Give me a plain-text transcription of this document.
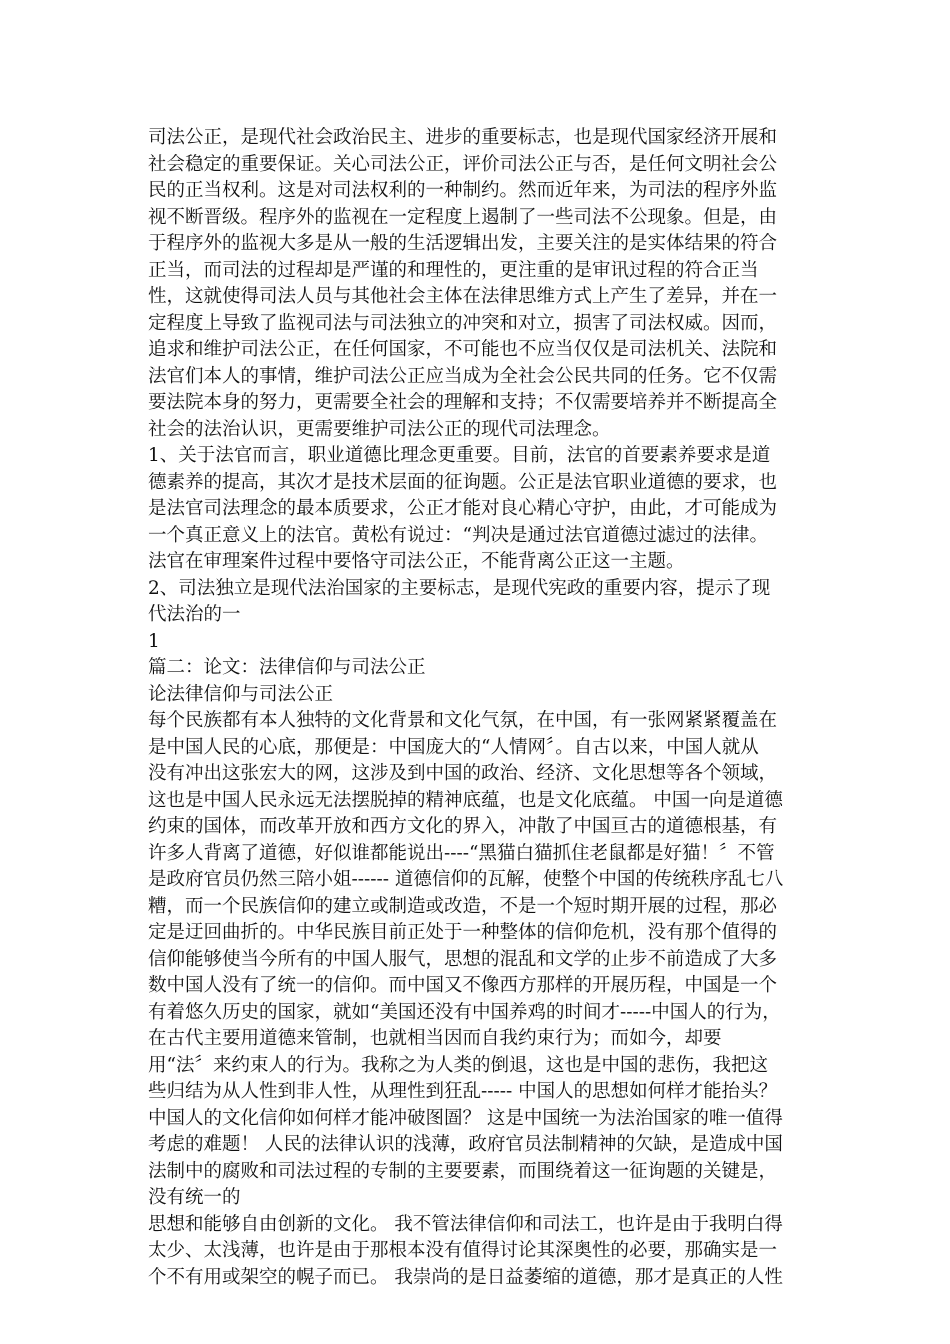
司法公正，是现代社会政治民主、进步的重要标志，也是现代国家经济开展和
社会稳定的重要保证。关心司法公正，评价司法公正与否，是任何文明社会公
民的正当权利。这是对司法权利的一种制约。然而近年来，为司法的程序外监
视不断晋级。程序外的监视在一定程度上遏制了一些司法不公现象。但是，由
于程序外的监视大多是从一般的生活逻辑出发，主要关注的是实体结果的符合
正当，而司法的过程却是严谨的和理性的，更注重的是审讯过程的符合正当
性，这就使得司法人员与其他社会主体在法律思维方式上产生了差异，并在一
定程度上导致了监视司法与司法独立的冲突和对立，损害了司法权威。因而，
追求和维护司法公正，在任何国家，不可能也不应当仅仅是司法机关、法院和
法官们本人的事情，维护司法公正应当成为全社会公民共同的任务。它不仅需
要法院本身的努力，更需要全社会的理解和支持；不仅需要培养并不断提高全
社会的法治认识，更需要维护司法公正的现代司法理念。
1、关于法官而言，职业道德比理念更重要。目前，法官的首要素养要求是道
德素养的提高，其次才是技术层面的征询题。公正是法官职业道德的要求，也
是法官司法理念的最本质要求，公正才能对良心精心守护，由此，才可能成为
一个真正意义上的法官。黄松有说过：“判决是通过法官道德过滤过的法律。
法官在审理案件过程中要恪守司法公正，不能背离公正这一主题。
2、司法独立是现代法治国家的主要标志，是现代宪政的重要内容，提示了现
代法治的一
1
篇二：论文：法律信仰与司法公正
论法律信仰与司法公正
每个民族都有本人独特的文化背景和文化气氛，在中国，有一张网紧紧覆盖在
是中国人民的心底，那便是：中国庞大的“人情网〞。自古以来，中国人就从
没有冲出这张宏大的网，这涉及到中国的政治、经济、文化思想等各个领域，
这也是中国人民永远无法摆脱掉的精神底蕴，也是文化底蕴。 中国一向是道德
约束的国体，而改革开放和西方文化的界入，冲散了中国亘古的道德根基，有
许多人背离了道德，好似谁都能说出----“黑猫白猫抓住老鼠都是好猫！〞不管
是政府官员仍然三陪小姐------ 道德信仰的瓦解，使整个中国的传统秩序乱七八
糟，而一个民族信仰的建立或制造或改造，不是一个短时期开展的过程，那必
定是迂回曲折的。中华民族目前正处于一种整体的信仰危机，没有那个值得的
信仰能够使当今所有的中国人服气，思想的混乱和文学的止步不前造成了大多
数中国人没有了统一的信仰。而中国又不像西方那样的开展历程，中国是一个
有着悠久历史的国家，就如“美国还没有中国养鸡的时间才-----中国人的行为，
在古代主要用道德来管制，也就相当因而自我约束行为；而如今，却要
用“法〞来约束人的行为。我称之为人类的倒退，这也是中国的悲伤，我把这
些归结为从人性到非人性，从理性到狂乱----- 中国人的思想如何样才能抬头？
中国人的文化信仰如何样才能冲破图圄？ 这是中国统一为法治国家的唯一值得
考虑的难题！ 人民的法律认识的浅薄，政府官员法制精神的欠缺，是造成中国
法制中的腐败和司法过程的专制的主要要素，而围绕着这一征询题的关键是，
没有统一的
思想和能够自由创新的文化。 我不管法律信仰和司法工，也许是由于我明白得
太少、太浅薄，也许是由于那根本没有值得讨论其深奥性的必要，那确实是一
个不有用或架空的幌子而已。 我崇尚的是日益萎缩的道德，那才是真正的人性
